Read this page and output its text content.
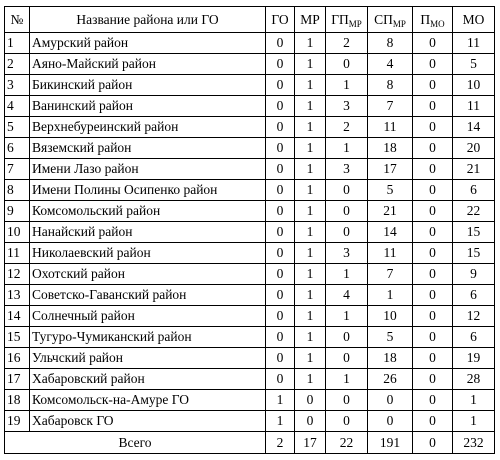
№	Название района или ГО	ГО	МР	$ГП_{МР}$	$СП_{МР}$	$П_{МО}$	МО
1	Амурский район	0	1	2	8	0	11
2	Аяно-Майский район	0	1	0	4	0	5
3	Бикинский район	0	1	1	8	0	10
4	Ванинский район	0	1	3	7	0	11
5	Верхнебуреинский район	0	1	2	11	0	14
6	Вяземский район	0	1	1	18	0	20
7	Имени Лазо район	0	1	3	17	0	21
8	Имени Полины Осипенко район	0	1	0	5	0	6
9	Комсомольский район	0	1	0	21	0	22
10	Нанайский район	0	1	0	14	0	15
11	Николаевский район	0	1	3	11	0	15
12	Охотский район	0	1	1	7	0	9
13	Советско-Гаванский район	0	1	4	1	0	6
14	Солнечный район	0	1	1	10	0	12
15	Тугуро-Чумиканский район	0	1	0	5	0	6
16	Ульчский район	0	1	0	18	0	19
17	Хабаровский район	0	1	1	26	0	28
18	Комсомольск-на-Амуре ГО	1	0	0	0	0	1
19	Хабаровск ГО	1	0	0	0	0	1
Всего		2	17	22	191	0	232
